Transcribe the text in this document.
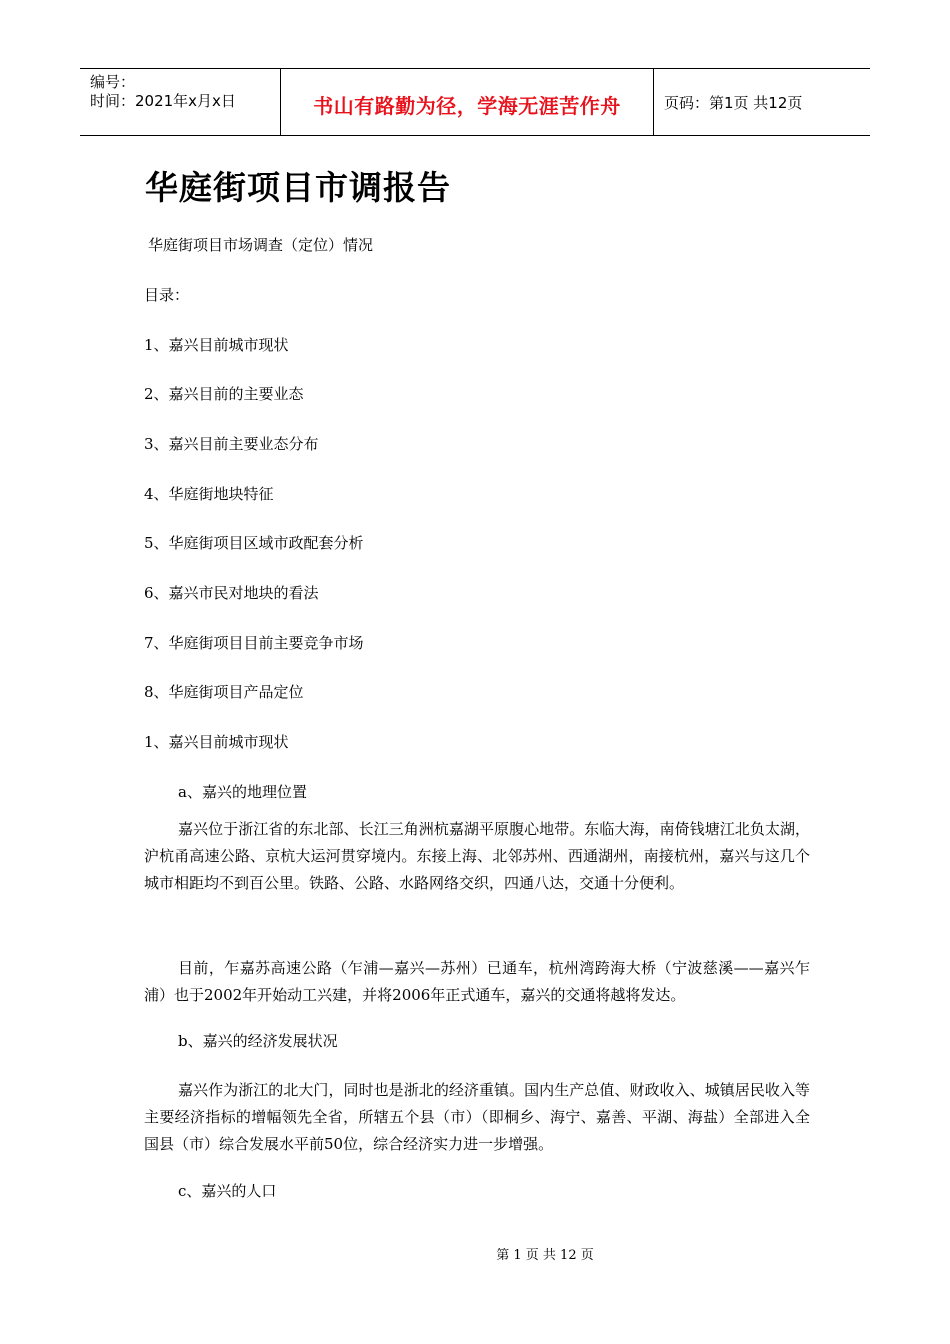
编号：
时间：2021年x月x日	书山有路勤为径，学海无涯苦作舟	页码：第1页 共12页
华庭街项目市调报告
华庭街项目市场调查（定位）情况
目录：
1、嘉兴目前城市现状
2、嘉兴目前的主要业态
3、嘉兴目前主要业态分布
4、华庭街地块特征
5、华庭街项目区域市政配套分析
6、嘉兴市民对地块的看法
7、华庭街项目目前主要竞争市场
8、华庭街项目产品定位
1、嘉兴目前城市现状
a、嘉兴的地理位置

嘉兴位于浙江省的东北部、长江三角洲杭嘉湖平原腹心地带。东临大海，南倚钱塘江北负太湖，沪杭甬高速公路、京杭大运河贯穿境内。东接上海、北邻苏州、西通湖州，南接杭州，嘉兴与这几个城市相距均不到百公里。铁路、公路、水路网络交织，四通八达，交通十分便利。

目前，乍嘉苏高速公路（乍浦—嘉兴—苏州）已通车，杭州湾跨海大桥（宁波慈溪——嘉兴乍浦）也于2002年开始动工兴建，并将2006年正式通车，嘉兴的交通将越将发达。

b、嘉兴的经济发展状况

嘉兴作为浙江的北大门，同时也是浙北的经济重镇。国内生产总值、财政收入、城镇居民收入等主要经济指标的增幅领先全省，所辖五个县（市）（即桐乡、海宁、嘉善、平湖、海盐）全部进入全国县（市）综合发展水平前50位，综合经济实力进一步增强。

c、嘉兴的人口
第 1 页 共 12 页
